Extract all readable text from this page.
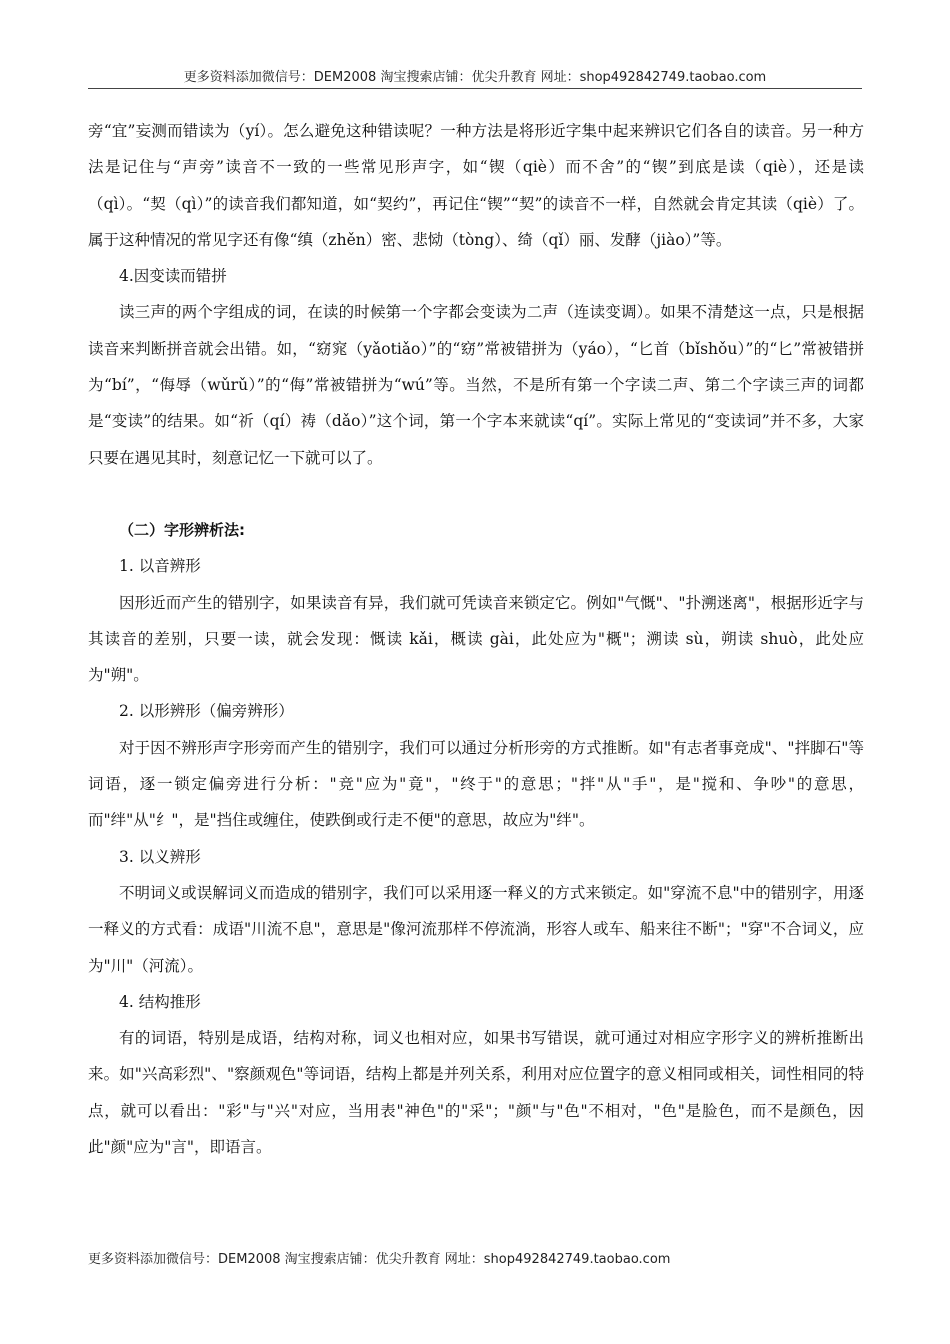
更多资料添加微信号：DEM2008 淘宝搜索店铺：优尖升教育 网址：shop492842749.taobao.com

旁“宜”妄测而错读为（yí）。怎么避免这种错读呢？一种方法是将形近字集中起来辨识它们各自的读音。另一种方法是记住与“声旁”读音不一致的一些常见形声字，如“锲（qiè）而不舍”的“锲”到底是读（qiè），还是读（qì）。“契（qì）”的读音我们都知道，如“契约”，再记住“锲”“契”的读音不一样，自然就会肯定其读（qiè）了。属于这种情况的常见字还有像“缜（zhěn）密、悲恸（tòng）、绮（qǐ）丽、发酵（jiào）”等。

4.因变读而错拼

读三声的两个字组成的词，在读的时候第一个字都会变读为二声（连读变调）。如果不清楚这一点，只是根据读音来判断拼音就会出错。如，“窈窕（yǎotiǎo）”的“窈”常被错拼为（yáo），“匕首（bǐshǒu）”的“匕”常被错拼为“bí”，“侮辱（wǔrǔ）”的“侮”常被错拼为“wú”等。当然，不是所有第一个字读二声、第二个字读三声的词都是“变读”的结果。如“祈（qí）祷（dǎo）”这个词，第一个字本来就读“qí”。实际上常见的“变读词”并不多，大家只要在遇见其时，刻意记忆一下就可以了。

（二）字形辨析法:

1. 以音辨形

因形近而产生的错别字，如果读音有异，我们就可凭读音来锁定它。例如"气慨"、"扑溯迷离"，根据形近字与其读音的差别，只要一读，就会发现：慨读 kǎi，概读 gài，此处应为"概"；溯读 sù，朔读 shuò，此处应为"朔"。

2. 以形辨形（偏旁辨形）

对于因不辨形声字形旁而产生的错别字，我们可以通过分析形旁的方式推断。如"有志者事竞成"、"拌脚石"等词语，逐一锁定偏旁进行分析："竞"应为"竟"，"终于"的意思；"拌"从"手"，是"搅和、争吵"的意思，而"绊"从"纟"，是"挡住或缠住，使跌倒或行走不便"的意思，故应为"绊"。

3. 以义辨形

不明词义或误解词义而造成的错别字，我们可以采用逐一释义的方式来锁定。如"穿流不息"中的错别字，用逐一释义的方式看：成语"川流不息"，意思是"像河流那样不停流淌，形容人或车、船来往不断"；"穿"不合词义，应为"川"（河流）。

4. 结构推形

有的词语，特别是成语，结构对称，词义也相对应，如果书写错误，就可通过对相应字形字义的辨析推断出来。如"兴高彩烈"、"察颜观色"等词语，结构上都是并列关系，利用对应位置字的意义相同或相关，词性相同的特点，就可以看出："彩"与"兴"对应，当用表"神色"的"采"；"颜"与"色"不相对，"色"是脸色，而不是颜色，因此"颜"应为"言"，即语言。

更多资料添加微信号：DEM2008 淘宝搜索店铺：优尖升教育 网址：shop492842749.taobao.com
